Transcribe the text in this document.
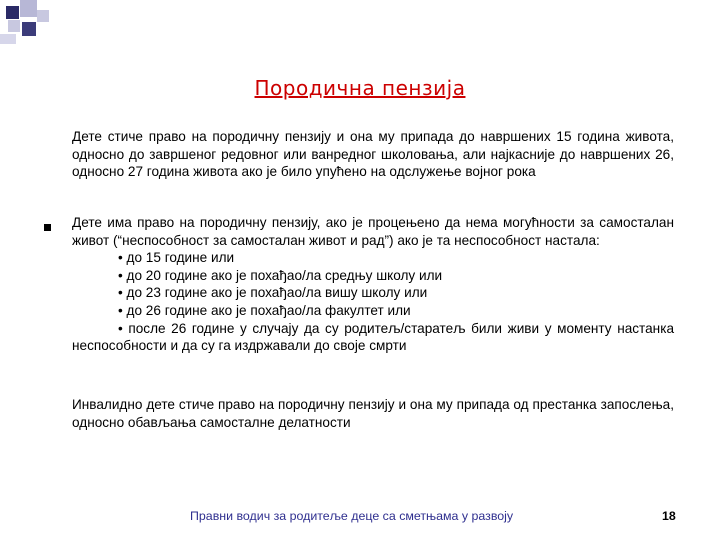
Породична пензија

Дете стиче право на породичну пензију и она му припада до навршених 15 година живота, односно до завршеног редовног или ванредног школовања, али најкасније до навршених 26, односно 27 година живота ако је било упућено на одслужење војног рока

Дете има право на породичну пензију, ако је процењено да нема могућности за самосталан живот (“неспособност за самосталан живот и рад”) ако је та неспособност настала:

• до 15 године или

• до 20 године ако је похађао/ла средњу школу или

• до 23 године ако је похађао/ла вишу школу или

• до 26 године ако је похађао/ла факултет или

• после 26 године у случају да су родитељ/старатељ били живи у моменту настанка неспособности и да су га издржавали до своје смрти

Инвалидно дете стиче право на породичну пензију и она му припада од престанка запослења, односно обављања самосталне делатности

Правни водич за родитеље деце са сметњама у развоју	18
